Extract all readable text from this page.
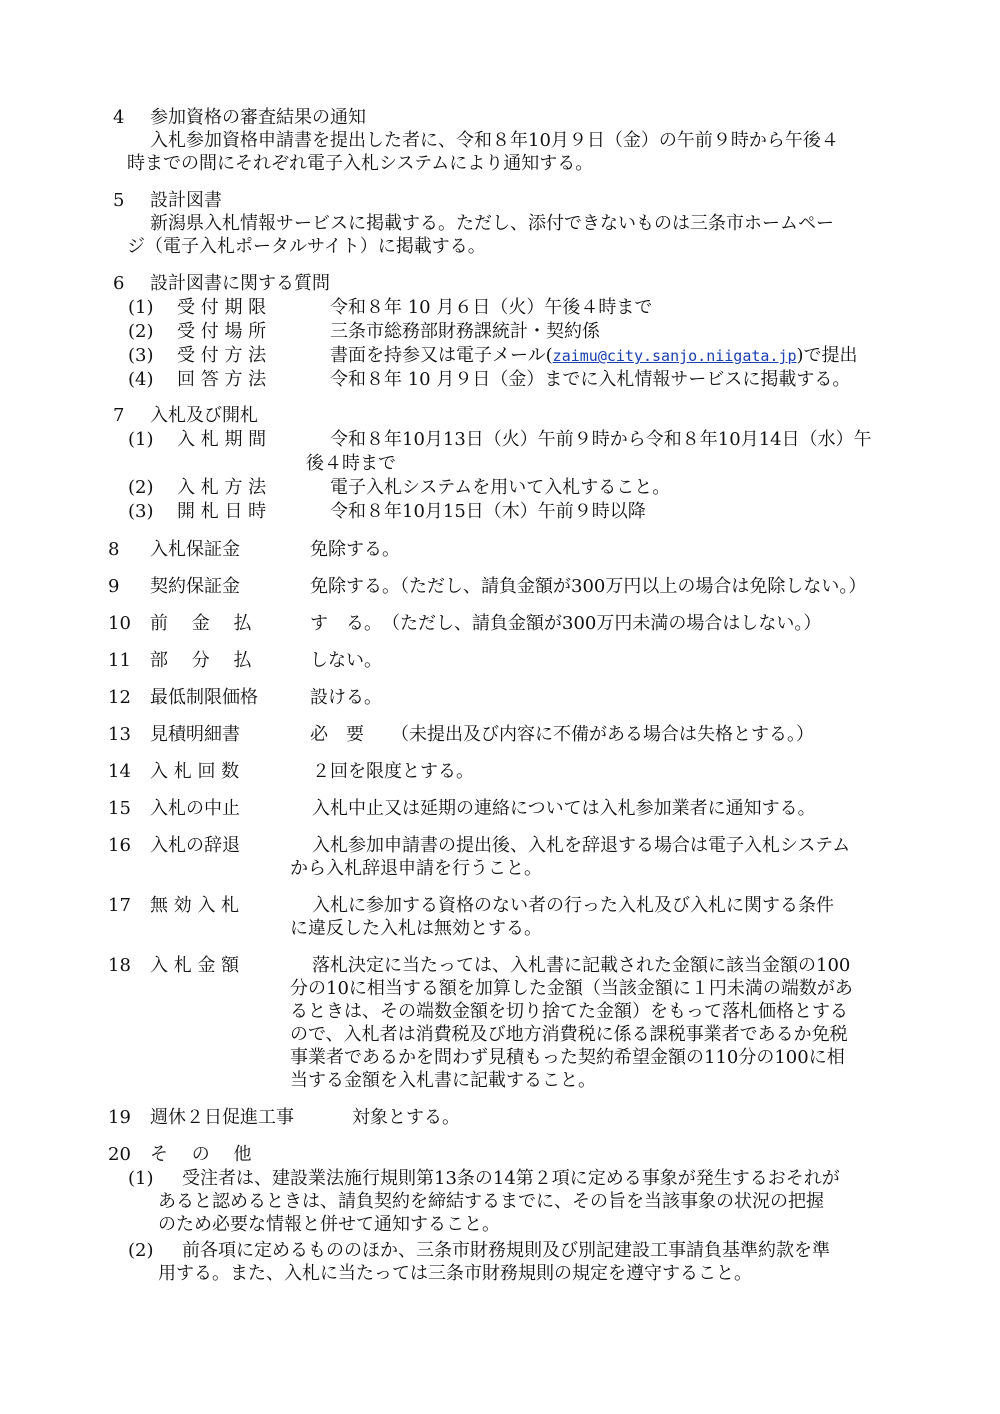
4 参加資格の審査結果の通知
入札参加資格申請書を提出した者に、令和８年10月９日（金）の午前９時から午後４
時までの間にそれぞれ電子入札システムにより通知する。
5 設計図書
新潟県入札情報サービスに掲載する。ただし、添付できないものは三条市ホームペー
ジ（電子入札ポータルサイト）に掲載する。
6 設計図書に関する質問
(1) 受 付 期 限	令和８年 10 月６日（火）午後４時まで
(2) 受 付 場 所	三条市総務部財務課統計・契約係
(3) 受 付 方 法	書面を持参又は電子メール(zaimu@city.sanjo.niigata.jp)で提出
(4) 回 答 方 法	令和８年 10 月９日（金）までに入札情報サービスに掲載する。
7 入札及び開札
(1) 入 札 期 間	令和８年10月13日（火）午前９時から令和８年10月14日（水）午
後４時まで
(2) 入 札 方 法	電子入札システムを用いて入札すること。
(3) 開 札 日 時	令和８年10月15日（木）午前９時以降
8 入札保証金	免除する。
9 契約保証金	免除する。（ただし、請負金額が300万円以上の場合は免除しない。）
10 前　 金　 払	す　る。　（ただし、請負金額が300万円未満の場合はしない。）
11 部　 分　 払	しない。
12 最低制限価格	設ける。
13 見積明細書	必　要　　（未提出及び内容に不備がある場合は失格とする。）
14 入 札 回 数	２回を限度とする。
15 入札の中止	入札中止又は延期の連絡については入札参加業者に通知する。
16 入札の辞退	入札参加申請書の提出後、入札を辞退する場合は電子入札システム
から入札辞退申請を行うこと。
17 無 効 入 札	入札に参加する資格のない者の行った入札及び入札に関する条件
に違反した入札は無効とする。
18 入 札 金 額	落札決定に当たっては、入札書に記載された金額に該当金額の100
分の10に相当する額を加算した金額（当該金額に１円未満の端数があ
るときは、その端数金額を切り捨てた金額）をもって落札価格とする
ので、入札者は消費税及び地方消費税に係る課税事業者であるか免税
事業者であるかを問わず見積もった契約希望金額の110分の100に相
当する金額を入札書に記載すること。
19 週休２日促進工事	対象とする。
20 そ　 の　 他
(1) 受注者は、建設業法施行規則第13条の14第２項に定める事象が発生するおそれが
あると認めるときは、請負契約を締結するまでに、その旨を当該事象の状況の把握
のため必要な情報と併せて通知すること。
(2) 前各項に定めるもののほか、三条市財務規則及び別記建設工事請負基準約款を準
用する。また、入札に当たっては三条市財務規則の規定を遵守すること。
